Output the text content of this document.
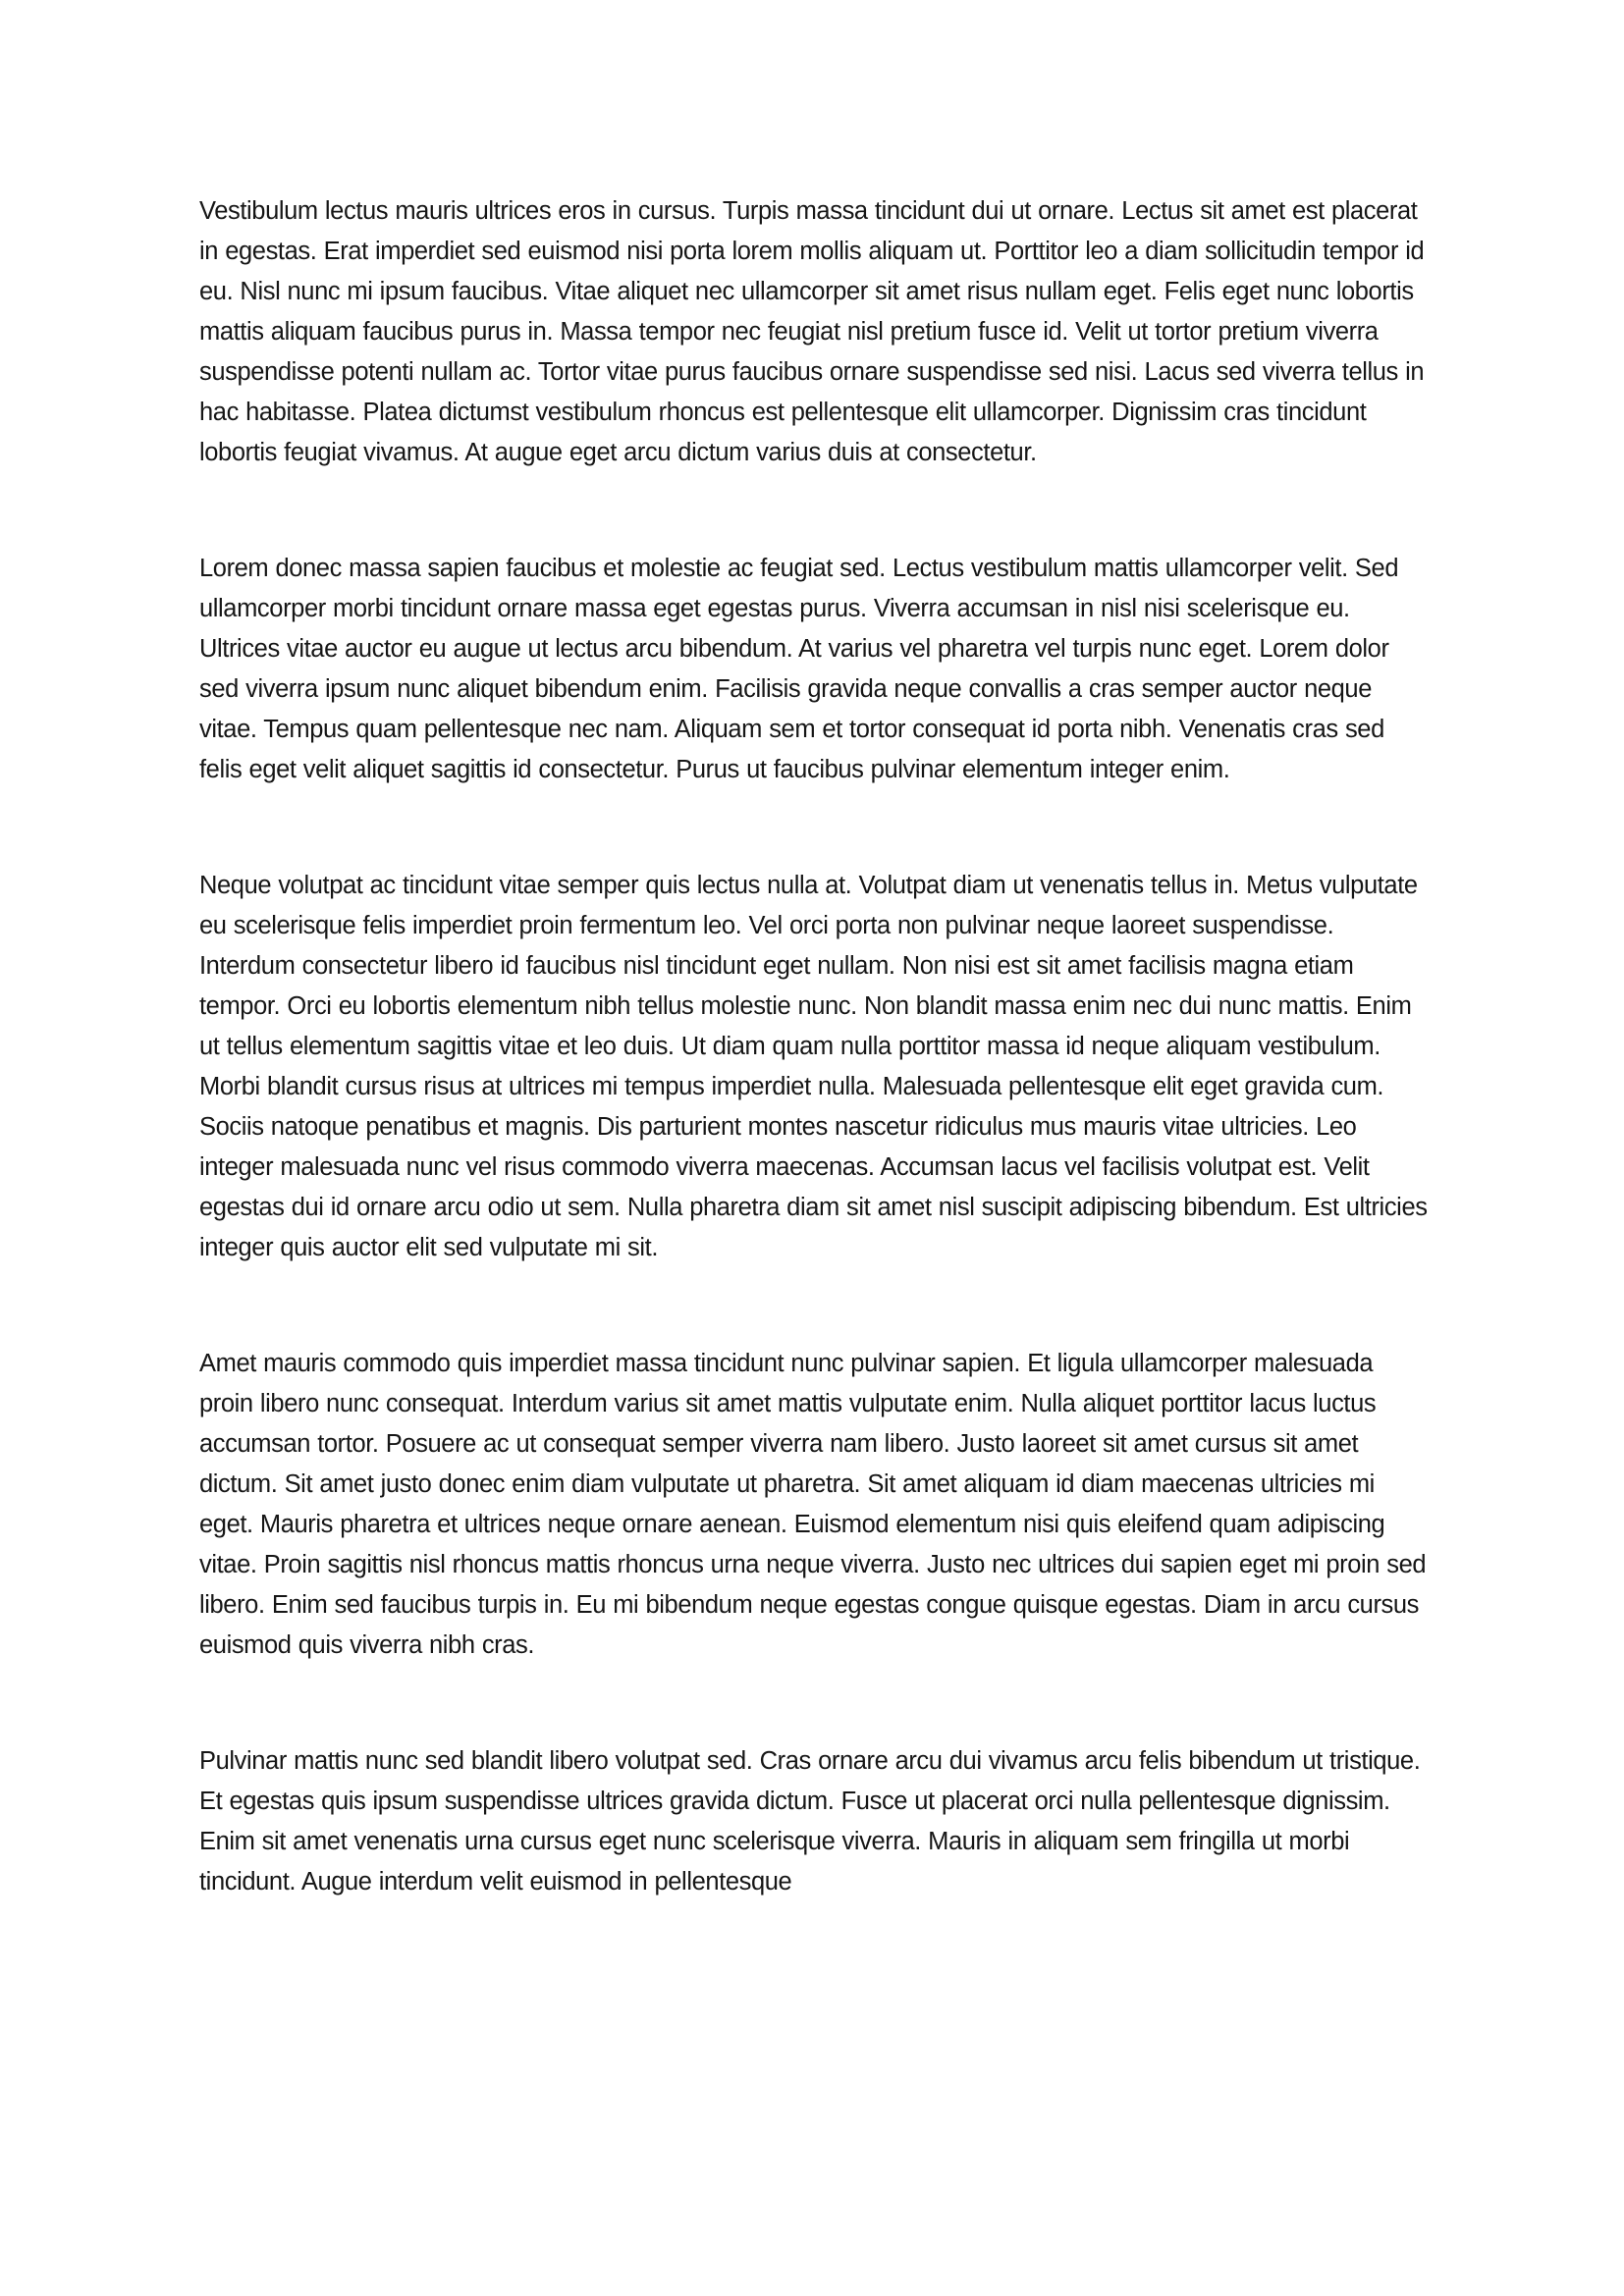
Vestibulum lectus mauris ultrices eros in cursus. Turpis massa tincidunt dui ut ornare. Lectus sit amet est placerat in egestas. Erat imperdiet sed euismod nisi porta lorem mollis aliquam ut. Porttitor leo a diam sollicitudin tempor id eu. Nisl nunc mi ipsum faucibus. Vitae aliquet nec ullamcorper sit amet risus nullam eget. Felis eget nunc lobortis mattis aliquam faucibus purus in. Massa tempor nec feugiat nisl pretium fusce id. Velit ut tortor pretium viverra suspendisse potenti nullam ac. Tortor vitae purus faucibus ornare suspendisse sed nisi. Lacus sed viverra tellus in hac habitasse. Platea dictumst vestibulum rhoncus est pellentesque elit ullamcorper. Dignissim cras tincidunt lobortis feugiat vivamus. At augue eget arcu dictum varius duis at consectetur.

Lorem donec massa sapien faucibus et molestie ac feugiat sed. Lectus vestibulum mattis ullamcorper velit. Sed ullamcorper morbi tincidunt ornare massa eget egestas purus. Viverra accumsan in nisl nisi scelerisque eu. Ultrices vitae auctor eu augue ut lectus arcu bibendum. At varius vel pharetra vel turpis nunc eget. Lorem dolor sed viverra ipsum nunc aliquet bibendum enim. Facilisis gravida neque convallis a cras semper auctor neque vitae. Tempus quam pellentesque nec nam. Aliquam sem et tortor consequat id porta nibh. Venenatis cras sed felis eget velit aliquet sagittis id consectetur. Purus ut faucibus pulvinar elementum integer enim.

Neque volutpat ac tincidunt vitae semper quis lectus nulla at. Volutpat diam ut venenatis tellus in. Metus vulputate eu scelerisque felis imperdiet proin fermentum leo. Vel orci porta non pulvinar neque laoreet suspendisse. Interdum consectetur libero id faucibus nisl tincidunt eget nullam. Non nisi est sit amet facilisis magna etiam tempor. Orci eu lobortis elementum nibh tellus molestie nunc. Non blandit massa enim nec dui nunc mattis. Enim ut tellus elementum sagittis vitae et leo duis. Ut diam quam nulla porttitor massa id neque aliquam vestibulum. Morbi blandit cursus risus at ultrices mi tempus imperdiet nulla. Malesuada pellentesque elit eget gravida cum. Sociis natoque penatibus et magnis. Dis parturient montes nascetur ridiculus mus mauris vitae ultricies. Leo integer malesuada nunc vel risus commodo viverra maecenas. Accumsan lacus vel facilisis volutpat est. Velit egestas dui id ornare arcu odio ut sem. Nulla pharetra diam sit amet nisl suscipit adipiscing bibendum. Est ultricies integer quis auctor elit sed vulputate mi sit.

Amet mauris commodo quis imperdiet massa tincidunt nunc pulvinar sapien. Et ligula ullamcorper malesuada proin libero nunc consequat. Interdum varius sit amet mattis vulputate enim. Nulla aliquet porttitor lacus luctus accumsan tortor. Posuere ac ut consequat semper viverra nam libero. Justo laoreet sit amet cursus sit amet dictum. Sit amet justo donec enim diam vulputate ut pharetra. Sit amet aliquam id diam maecenas ultricies mi eget. Mauris pharetra et ultrices neque ornare aenean. Euismod elementum nisi quis eleifend quam adipiscing vitae. Proin sagittis nisl rhoncus mattis rhoncus urna neque viverra. Justo nec ultrices dui sapien eget mi proin sed libero. Enim sed faucibus turpis in. Eu mi bibendum neque egestas congue quisque egestas. Diam in arcu cursus euismod quis viverra nibh cras.

Pulvinar mattis nunc sed blandit libero volutpat sed. Cras ornare arcu dui vivamus arcu felis bibendum ut tristique. Et egestas quis ipsum suspendisse ultrices gravida dictum. Fusce ut placerat orci nulla pellentesque dignissim. Enim sit amet venenatis urna cursus eget nunc scelerisque viverra. Mauris in aliquam sem fringilla ut morbi tincidunt. Augue interdum velit euismod in pellentesque
